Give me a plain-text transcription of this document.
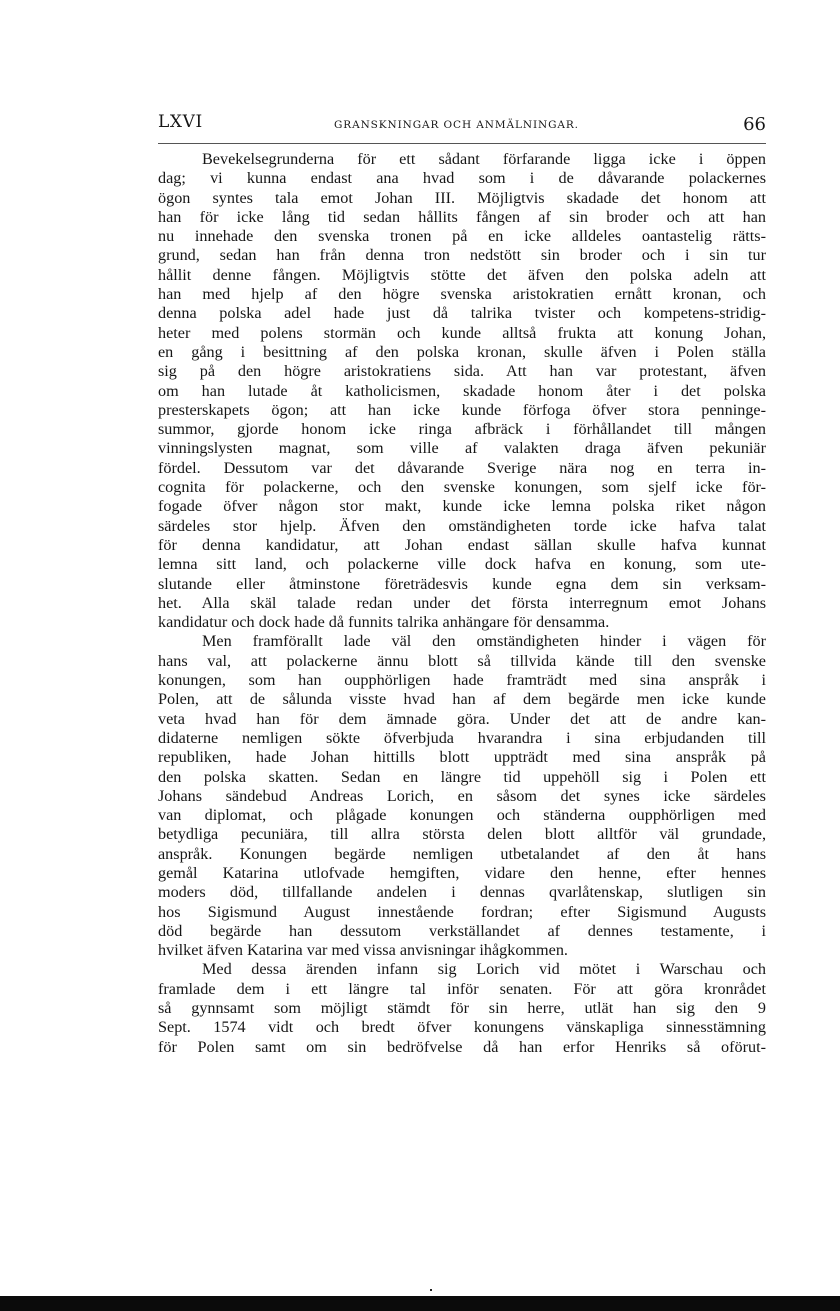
LXVI	GRANSKNINGAR OCH ANMÄLNINGAR.	66
Bevekelsegrunderna för ett sådant förfarande ligga icke i öppen
dag; vi kunna endast ana hvad som i de dåvarande polackernes
ögon syntes tala emot Johan III. Möjligtvis skadade det honom att
han för icke lång tid sedan hållits fången af sin broder och att han
nu innehade den svenska tronen på en icke alldeles oantastelig rätts-
grund, sedan han från denna tron nedstött sin broder och i sin tur
hållit denne fången. Möjligtvis stötte det äfven den polska adeln att
han med hjelp af den högre svenska aristokratien ernått kronan, och
denna polska adel hade just då talrika tvister och kompetens-stridig-
heter med polens stormän och kunde alltså frukta att konung Johan,
en gång i besittning af den polska kronan, skulle äfven i Polen ställa
sig på den högre aristokratiens sida. Att han var protestant, äfven
om han lutade åt katholicismen, skadade honom åter i det polska
presterskapets ögon; att han icke kunde förfoga öfver stora penninge-
summor, gjorde honom icke ringa afbräck i förhållandet till mången
vinningslysten magnat, som ville af valakten draga äfven pekuniär
fördel. Dessutom var det dåvarande Sverige nära nog en terra in-
cognita för polackerne, och den svenske konungen, som sjelf icke för-
fogade öfver någon stor makt, kunde icke lemna polska riket någon
särdeles stor hjelp. Äfven den omständigheten torde icke hafva talat
för denna kandidatur, att Johan endast sällan skulle hafva kunnat
lemna sitt land, och polackerne ville dock hafva en konung, som ute-
slutande eller åtminstone företrädesvis kunde egna dem sin verksam-
het. Alla skäl talade redan under det första interregnum emot Johans
kandidatur och dock hade då funnits talrika anhängare för densamma.
Men framförallt lade väl den omständigheten hinder i vägen för
hans val, att polackerne ännu blott så tillvida kände till den svenske
konungen, som han oupphörligen hade framträdt med sina anspråk i
Polen, att de sålunda visste hvad han af dem begärde men icke kunde
veta hvad han för dem ämnade göra. Under det att de andre kan-
didaterne nemligen sökte öfverbjuda hvarandra i sina erbjudanden till
republiken, hade Johan hittills blott uppträdt med sina anspråk på
den polska skatten. Sedan en längre tid uppehöll sig i Polen ett
Johans sändebud Andreas Lorich, en såsom det synes icke särdeles
van diplomat, och plågade konungen och ständerna oupphörligen med
betydliga pecuniära, till allra största delen blott alltför väl grundade,
anspråk. Konungen begärde nemligen utbetalandet af den åt hans
gemål Katarina utlofvade hemgiften, vidare den henne, efter hennes
moders död, tillfallande andelen i dennas qvarlåtenskap, slutligen sin
hos Sigismund August innestående fordran; efter Sigismund Augusts
död begärde han dessutom verkställandet af dennes testamente, i
hvilket äfven Katarina var med vissa anvisningar ihågkommen.
Med dessa ärenden infann sig Lorich vid mötet i Warschau och
framlade dem i ett längre tal inför senaten. För att göra kronrådet
så gynnsamt som möjligt stämdt för sin herre, utlät han sig den 9
Sept. 1574 vidt och bredt öfver konungens vänskapliga sinnesstämning
för Polen samt om sin bedröfvelse då han erfor Henriks så oförut-
